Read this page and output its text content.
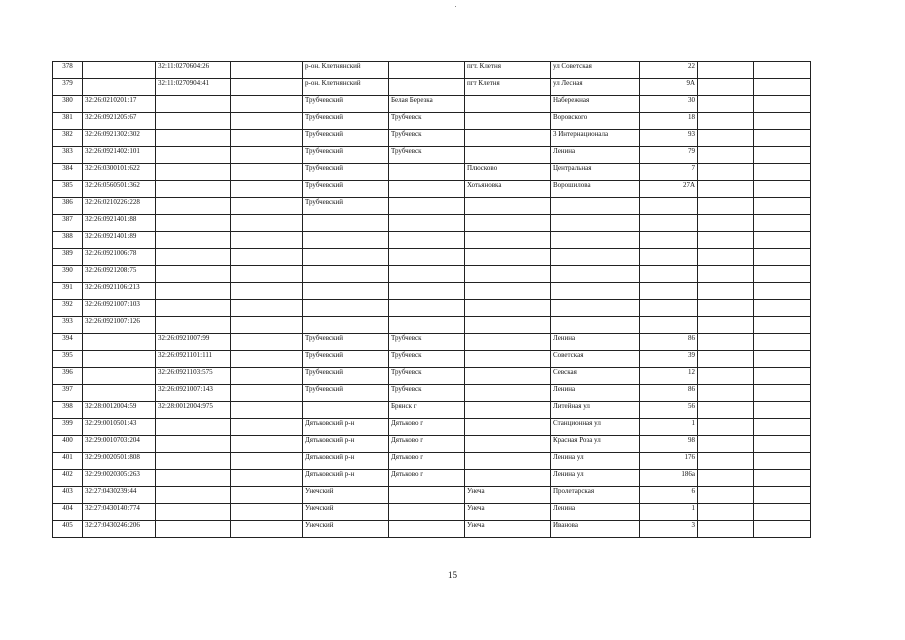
378		32:11:0270604:26		р-он. Клетнянский		пгт. Клетня	ул Советская	22		
379		32:11:0270904:41		р-он. Клетнянский		пгт Клетня	ул Лесная	9А		
380	32:26:0210201:17			Трубчевский	Белая Березка		Набережная	30		
381	32:26:0921205:67			Трубчевский	Трубчевск		Воровского	18		
382	32:26:0921302:302			Трубчевский	Трубчевск		3 Интернационала	93		
383	32:26:0921402:101			Трубчевский	Трубчевск		Ленина	79		
384	32:26:0300101:622			Трубчевский		Плюсково	Центральная	7		
385	32:26:0560501:362			Трубчевский		Хотьяновка	Ворошилова	27А		
386	32:26:0210226:228			Трубчевский						
387	32:26:0921401:88									
388	32:26:0921401:89									
389	32:26:0921006:78									
390	32:26:0921208:75									
391	32:26:0921106:213									
392	32:26:0921007:103									
393	32:26:0921007:126									
394		32:26:0921007:99		Трубчевский	Трубчевск		Ленина	86		
395		32:26:0921101:111		Трубчевский	Трубчевск		Советская	39		
396		32:26:0921103:575		Трубчевский	Трубчевск		Севская	12		
397		32:26:0921007:143		Трубчевский	Трубчевск		Ленина	86		
398	32:28:0012004:59	32:28:0012004:975			Брянск г		Литейная ул	56		
399	32:29:0010501:43			Дятьковский р-н	Дятьково г		Станционная ул	1		
400	32:29:0010703:204			Дятьковский р-н	Дятьково г		Красная Роза ул	98		
401	32:29:0020501:808			Дятьковский р-н	Дятьково г		Ленина ул	176		
402	32:29:0020305:263			Дятьковский р-н	Дятьково г		Ленина ул	186а		
403	32:27:0430239:44			Унечский		Унеча	Пролетарская	6		
404	32:27:0430140:774			Унечский		Унеча	Ленина	1		
405	32:27:0430246:206			Унечский		Унеча	Иванова	3		
15
